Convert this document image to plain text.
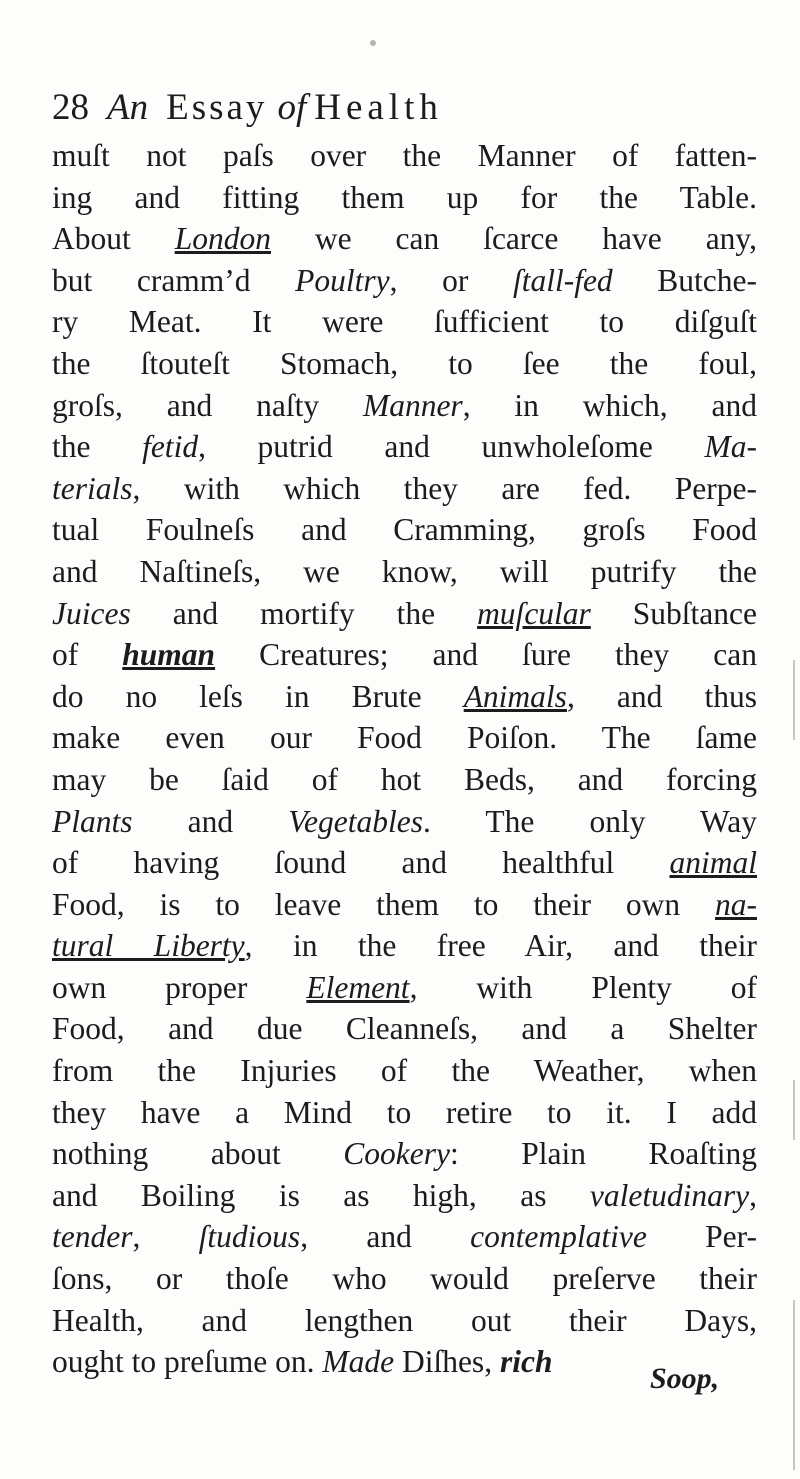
28 An Essay of Health
muſt not paſs over the Manner of fatten-
ing and fitting them up for the Table.
About London we can ſcarce have any,
but cramm’d Poultry, or ſtall-fed Butche-
ry Meat. It were ſufficient to diſguſt
the ſtouteſt Stomach, to ſee the foul,
groſs, and naſty Manner, in which, and
the fetid, putrid and unwholeſome Ma-
terials, with which they are fed. Perpe-
tual Foulneſs and Cramming, groſs Food
and Naſtineſs, we know, will putrify the
Juices and mortify the muſcular Subſtance
of human Creatures; and ſure they can
do no leſs in Brute Animals, and thus
make even our Food Poiſon. The ſame
may be ſaid of hot Beds, and forcing
Plants and Vegetables. The only Way
of having ſound and healthful animal
Food, is to leave them to their own na-
tural Liberty, in the free Air, and their
own proper Element, with Plenty of
Food, and due Cleanneſs, and a Shelter
from the Injuries of the Weather, when
they have a Mind to retire to it. I add
nothing about Cookery: Plain Roaſting
and Boiling is as high, as valetudinary,
tender, ſtudious, and contemplative Per-
ſons, or thoſe who would preſerve their
Health, and lengthen out their Days,
ought to preſume on. Made Diſhes, rich	Soop,
